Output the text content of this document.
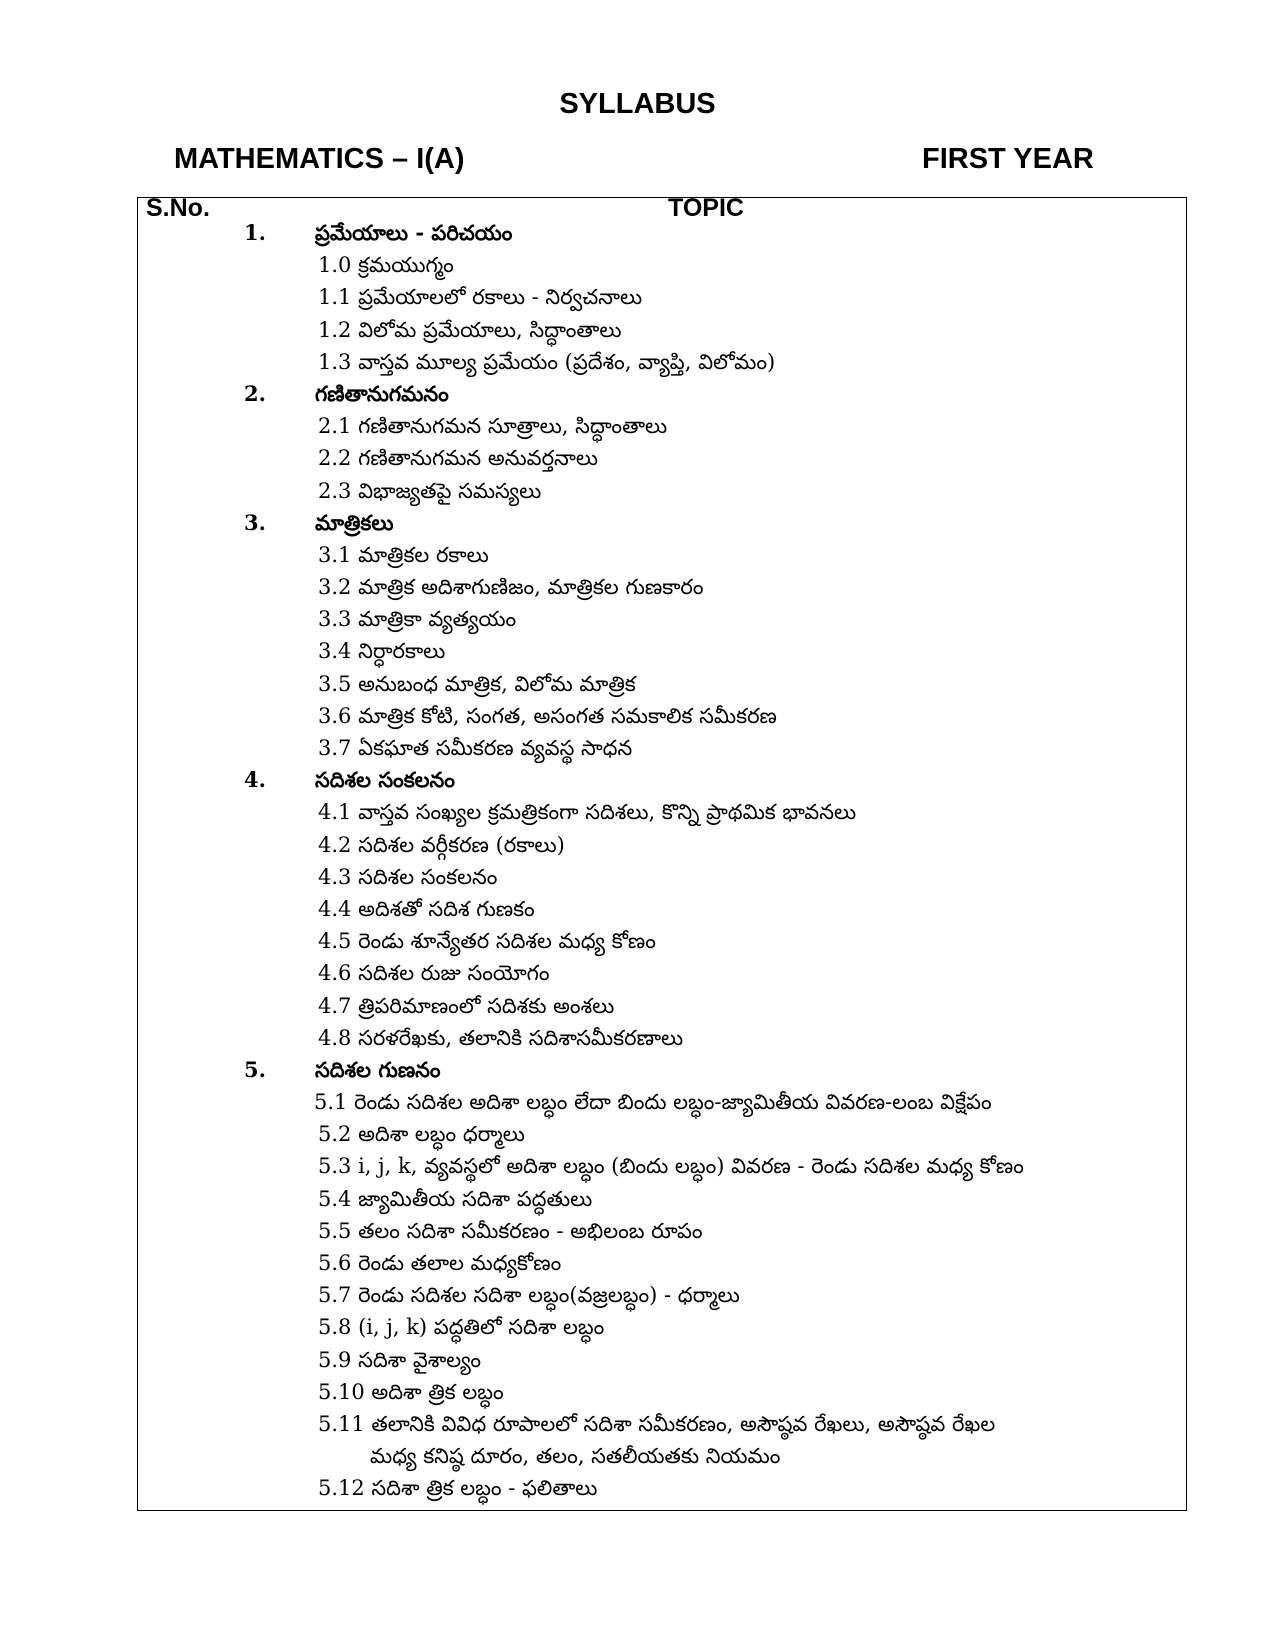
SYLLABUS
MATHEMATICS – I(A)	FIRST YEAR
S.No.	TOPIC
1. ప్రమేయాలు - పరిచయం
1.0 క్రమయుగ్మం
1.1 ప్రమేయాలలో రకాలు - నిర్వచనాలు
1.2 విలోమ ప్రమేయాలు, సిద్ధాంతాలు
1.3 వాస్తవ మూల్య ప్రమేయం (ప్రదేశం, వ్యాప్తి, విలోమం)
2. గణితానుగమనం
2.1 గణితానుగమన సూత్రాలు, సిద్ధాంతాలు
2.2 గణితానుగమన అనువర్తనాలు
2.3 విభాజ్యతపై సమస్యలు
3. మాత్రికలు
3.1 మాత్రికల రకాలు
3.2 మాత్రిక అదిశాగుణిజం, మాత్రికల గుణకారం
3.3 మాత్రికా వ్యత్యయం
3.4 నిర్ధారకాలు
3.5 అనుబంధ మాత్రిక, విలోమ మాత్రిక
3.6 మాత్రిక కోటి, సంగత, అసంగత సమకాలిక సమీకరణ
3.7 ఏకఘాత సమీకరణ వ్యవస్థ సాధన
4. సదిశల సంకలనం
4.1 వాస్తవ సంఖ్యల క్రమత్రికంగా సదిశలు, కొన్ని ప్రాథమిక భావనలు
4.2 సదిశల వర్గీకరణ (రకాలు)
4.3 సదిశల సంకలనం
4.4 అదిశతో సదిశ గుణకం
4.5 రెండు శూన్యేతర సదిశల మధ్య కోణం
4.6 సదిశల రుజు సంయోగం
4.7 త్రిపరిమాణంలో సదిశకు అంశలు
4.8 సరళరేఖకు, తలానికి సదిశాసమీకరణాలు
5. సదిశల గుణనం
5.1 రెండు సదిశల అదిశా లబ్ధం లేదా బిందు లబ్ధం-జ్యామితీయ వివరణ-లంబ విక్షేపం
5.2 అదిశా లబ్ధం ధర్మాలు
5.3 i, j, k, వ్యవస్థలో అదిశా లబ్ధం (బిందు లబ్ధం) వివరణ - రెండు సదిశల మధ్య కోణం
5.4 జ్యామితీయ సదిశా పద్ధతులు
5.5 తలం సదిశా సమీకరణం - అభిలంబ రూపం
5.6 రెండు తలాల మధ్యకోణం
5.7 రెండు సదిశల సదిశా లబ్ధం(వజ్రలబ్ధం) - ధర్మాలు
5.8 (i, j, k) పద్ధతిలో సదిశా లబ్ధం
5.9 సదిశా వైశాల్యం
5.10 అదిశా త్రిక లబ్ధం
5.11 తలానికి వివిధ రూపాలలో సదిశా సమీకరణం, అసౌష్ఠవ రేఖలు, అసౌష్ఠవ రేఖల
మధ్య కనిష్ఠ దూరం, తలం, సతలీయతకు నియమం
5.12 సదిశా త్రిక లబ్ధం - ఫలితాలు
